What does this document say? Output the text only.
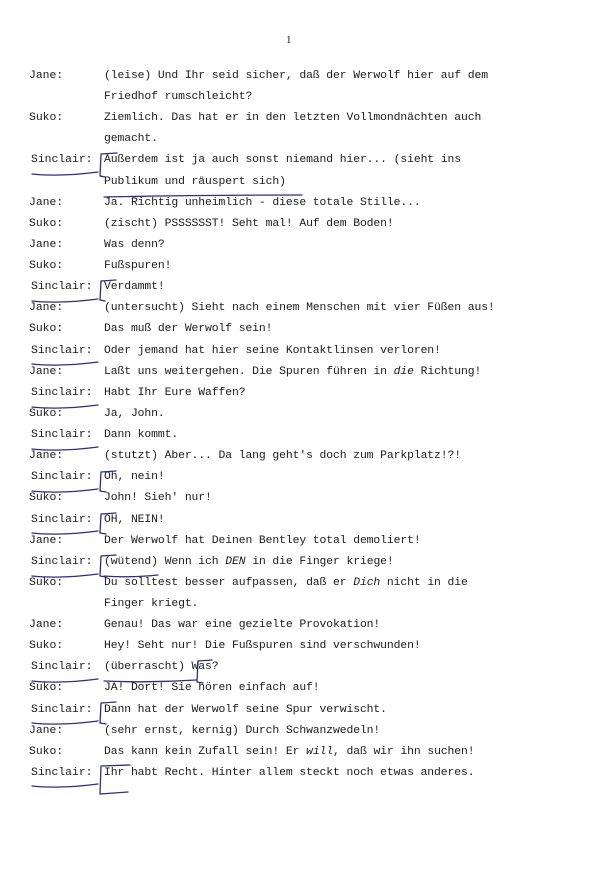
1
Jane:	(leise) Und Ihr seid sicher, daß der Werwolf hier auf dem
Friedhof rumschleicht?
Suko:	Ziemlich. Das hat er in den letzten Vollmondnächten auch
gemacht.
Sinclair: Außerdem ist ja auch sonst niemand hier... (sieht ins
Publikum und räuspert sich)
Jane:	Ja. Richtig unheimlich - diese totale Stille...
Suko:	(zischt) PSSSSSST! Seht mal! Auf dem Boden!
Jane:	Was denn?
Suko:	Fußspuren!
Sinclair: Verdammt!
Jane:	(untersucht) Sieht nach einem Menschen mit vier Füßen aus!
Suko:	Das muß der Werwolf sein!
Sinclair: Oder jemand hat hier seine Kontaktlinsen verloren!
Jane:	Laßt uns weitergehen. Die Spuren führen in die Richtung!
Sinclair: Habt Ihr Eure Waffen?
Suko:	Ja, John.
Sinclair: Dann kommt.
Jane:	(stutzt) Aber... Da lang geht's doch zum Parkplatz!?!
Sinclair: Oh, nein!
Suko:	John! Sieh' nur!
Sinclair: OH, NEIN!
Jane:	Der Werwolf hat Deinen Bentley total demoliert!
Sinclair: (wütend) Wenn ich DEN in die Finger kriege!
Suko:	Du solltest besser aufpassen, daß er Dich nicht in die
Finger kriegt.
Jane:	Genau! Das war eine gezielte Provokation!
Suko:	Hey! Seht nur! Die Fußspuren sind verschwunden!
Sinclair: (überrascht) Was?
Suko:	JA! Dort! Sie hören einfach auf!
Sinclair: Dann hat der Werwolf seine Spur verwischt.
Jane:	(sehr ernst, kernig) Durch Schwanzwedeln!
Suko:	Das kann kein Zufall sein! Er will, daß wir ihn suchen!
Sinclair: Ihr habt Recht. Hinter allem steckt noch etwas anderes.
